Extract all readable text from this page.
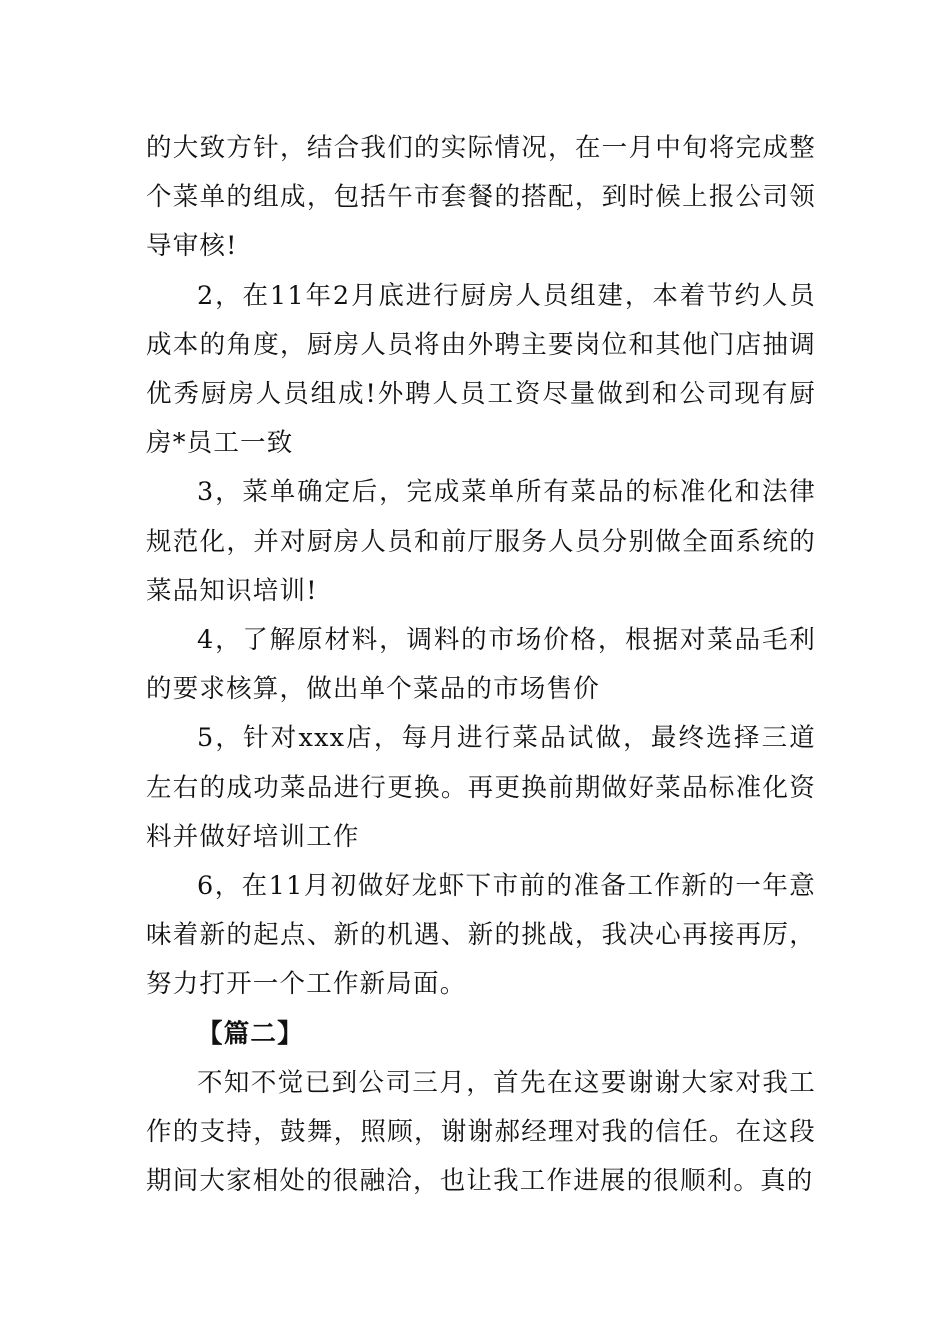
的大致方针，结合我们的实际情况，在一月中旬将完成整个菜单的组成，包括午市套餐的搭配，到时候上报公司领导审核!

2，在11年2月底进行厨房人员组建，本着节约人员成本的角度，厨房人员将由外聘主要岗位和其他门店抽调优秀厨房人员组成!外聘人员工资尽量做到和公司现有厨房*员工一致

3，菜单确定后，完成菜单所有菜品的标准化和法律规范化，并对厨房人员和前厅服务人员分别做全面系统的菜品知识培训!

4，了解原材料，调料的市场价格，根据对菜品毛利的要求核算，做出单个菜品的市场售价

5，针对xxx店，每月进行菜品试做，最终选择三道左右的成功菜品进行更换。再更换前期做好菜品标准化资料并做好培训工作

6，在11月初做好龙虾下市前的准备工作新的一年意味着新的起点、新的机遇、新的挑战，我决心再接再厉，努力打开一个工作新局面。

【篇二】

不知不觉已到公司三月，首先在这要谢谢大家对我工作的支持，鼓舞，照顾，谢谢郝经理对我的信任。在这段期间大家相处的很融洽，也让我工作进展的很顺利。真的
